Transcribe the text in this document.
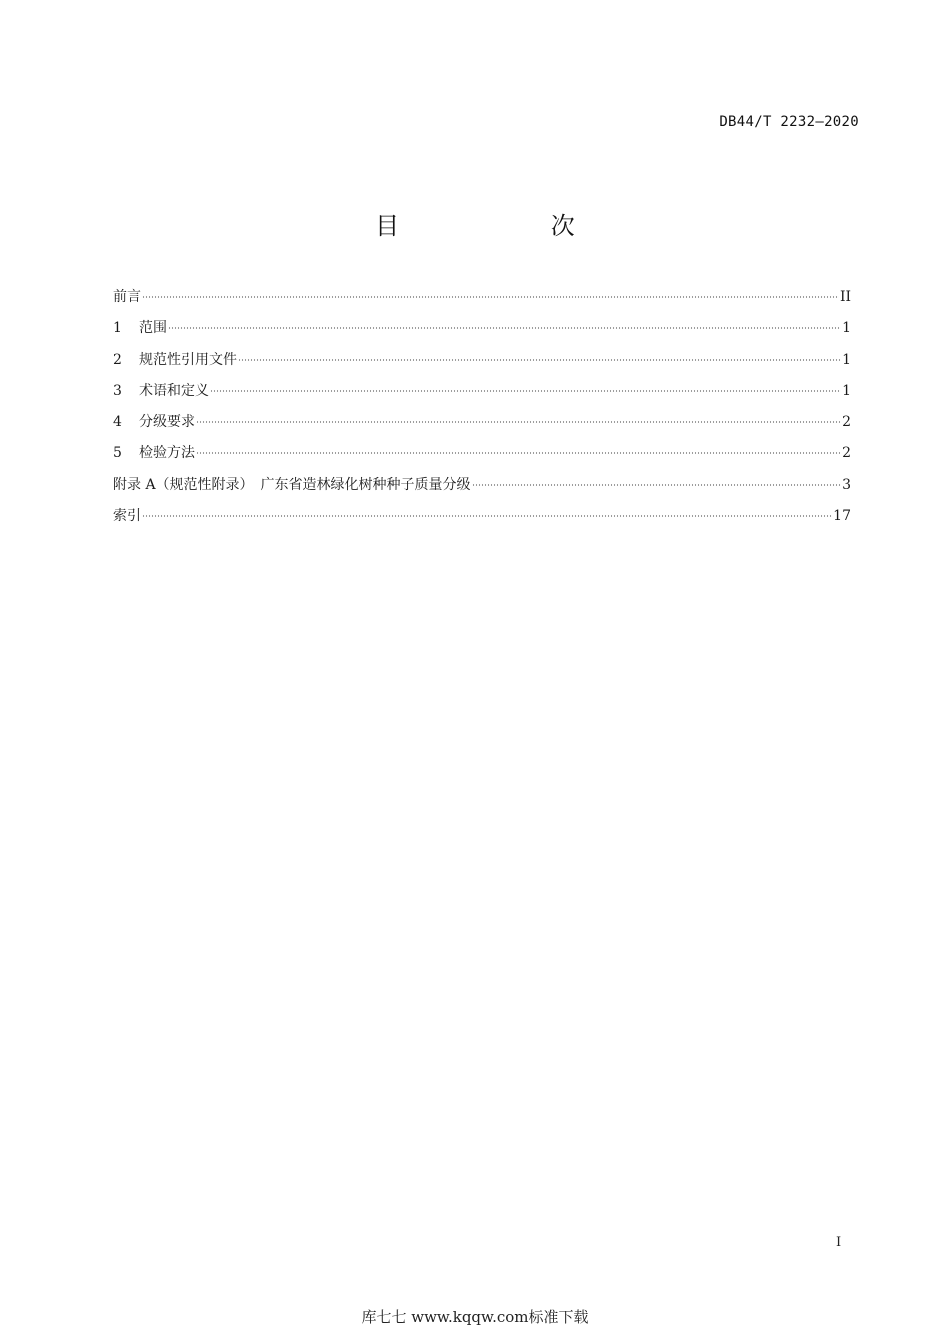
DB44/T 2232—2020
目 次
前言	II
1	范围	1
2	规范性引用文件	1
3	术语和定义	1
4	分级要求	2
5	检验方法	2
附录 A（规范性附录）　广东省造林绿化树种种子质量分级	3
索引	17
I
库七七 www.kqqw.com标准下载
